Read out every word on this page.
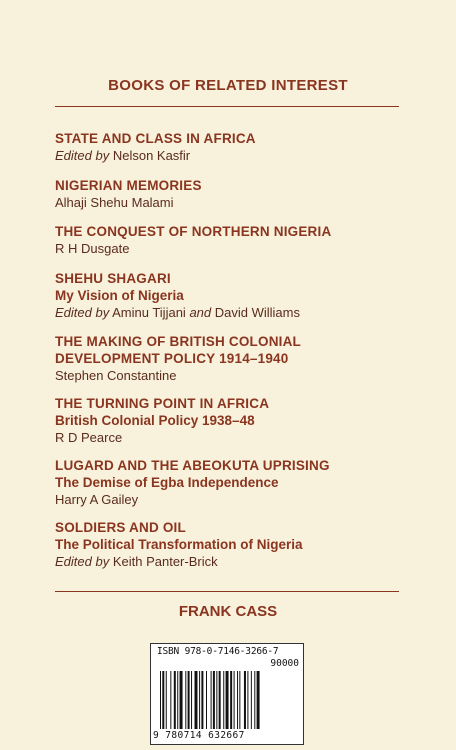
BOOKS OF RELATED INTEREST
STATE AND CLASS IN AFRICA
Edited by Nelson Kasfir
NIGERIAN MEMORIES
Alhaji Shehu Malami
THE CONQUEST OF NORTHERN NIGERIA
R H Dusgate
SHEHU SHAGARI
My Vision of Nigeria
Edited by Aminu Tijjani and David Williams
THE MAKING OF BRITISH COLONIAL
DEVELOPMENT POLICY 1914–1940
Stephen Constantine
THE TURNING POINT IN AFRICA
British Colonial Policy 1938–48
R D Pearce
LUGARD AND THE ABEOKUTA UPRISING
The Demise of Egba Independence
Harry A Gailey
SOLDIERS AND OIL
The Political Transformation of Nigeria
Edited by Keith Panter-Brick
FRANK CASS
ISBN 978-0-7146-3266-7
90000
9 780714 632667
